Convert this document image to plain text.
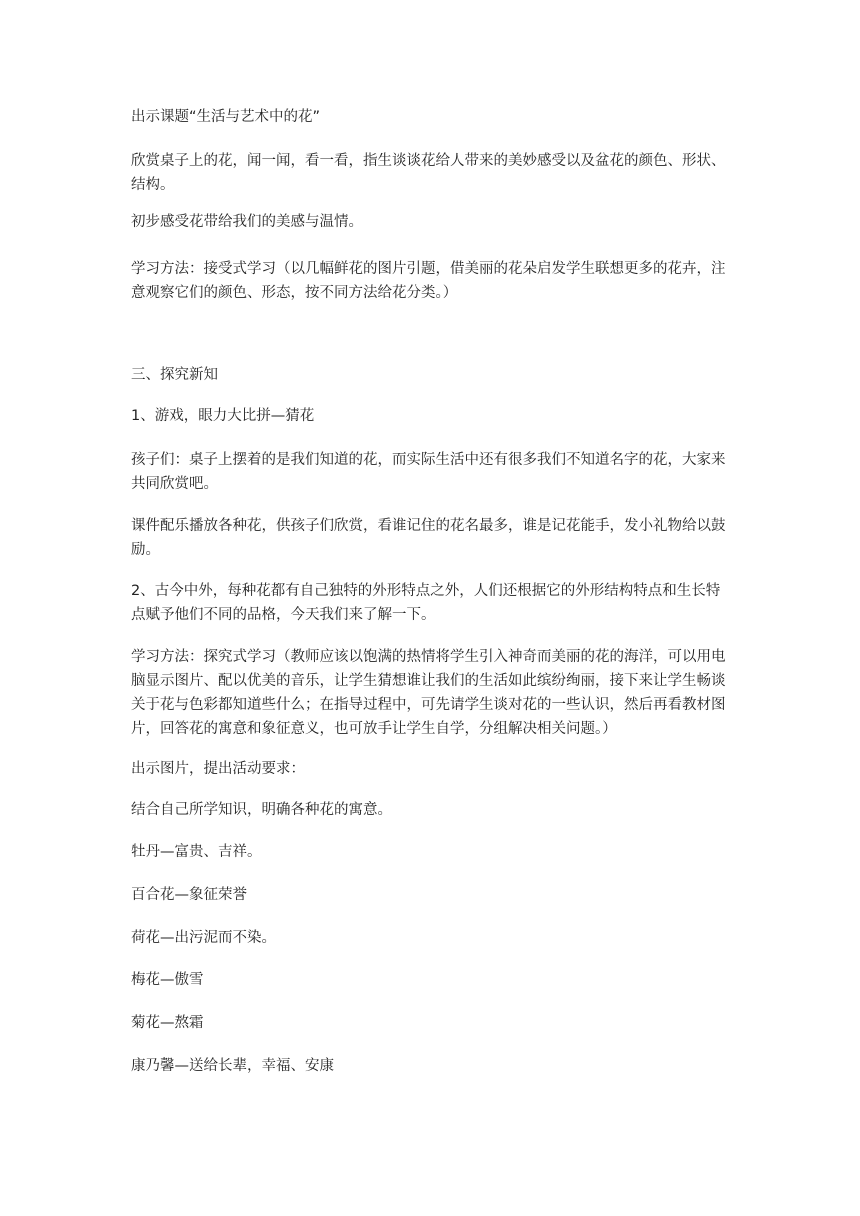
出示课题“生活与艺术中的花”

欣赏桌子上的花，闻一闻，看一看，指生谈谈花给人带来的美妙感受以及盆花的颜色、形状、结构。

初步感受花带给我们的美感与温情。

学习方法：接受式学习（以几幅鲜花的图片引题，借美丽的花朵启发学生联想更多的花卉，注意观察它们的颜色、形态，按不同方法给花分类。）

三、探究新知

1、游戏，眼力大比拼—猜花

孩子们：桌子上摆着的是我们知道的花，而实际生活中还有很多我们不知道名字的花，大家来共同欣赏吧。

课件配乐播放各种花，供孩子们欣赏，看谁记住的花名最多，谁是记花能手，发小礼物给以鼓励。

2、古今中外，每种花都有自己独特的外形特点之外，人们还根据它的外形结构特点和生长特点赋予他们不同的品格，今天我们来了解一下。

学习方法：探究式学习（教师应该以饱满的热情将学生引入神奇而美丽的花的海洋，可以用电脑显示图片、配以优美的音乐，让学生猜想谁让我们的生活如此缤纷绚丽，接下来让学生畅谈关于花与色彩都知道些什么；在指导过程中，可先请学生谈对花的一些认识，然后再看教材图片，回答花的寓意和象征意义，也可放手让学生自学，分组解决相关问题。）

出示图片，提出活动要求：

结合自己所学知识，明确各种花的寓意。

牡丹—富贵、吉祥。

百合花—象征荣誉

荷花—出污泥而不染。

梅花—傲雪

菊花—熬霜

康乃馨—送给长辈，幸福、安康
